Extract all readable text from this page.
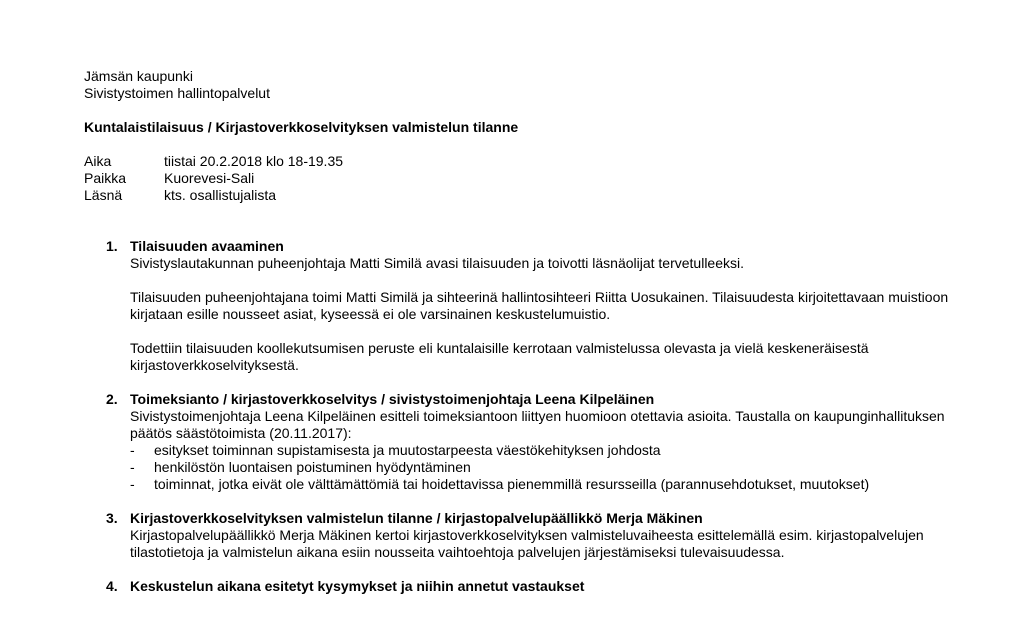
Jämsän kaupunki
Sivistystoimen hallintopalvelut
Kuntalaistilaisuus / Kirjastoverkkoselvityksen valmistelun tilanne
Aika	tiistai 20.2.2018 klo 18-19.35
Paikka	Kuorevesi-Sali
Läsnä	kts. osallistujalista
1. Tilaisuuden avaaminen

Sivistyslautakunnan puheenjohtaja Matti Similä avasi tilaisuuden ja toivotti läsnäolijat tervetulleeksi.

Tilaisuuden puheenjohtajana toimi Matti Similä ja sihteerinä hallintosihteeri Riitta Uosukainen. Tilaisuudesta kirjoitettavaan muistioon kirjataan esille nousseet asiat, kyseessä ei ole varsinainen keskustelumuistio.

Todettiin tilaisuuden koollekutsumisen peruste eli kuntalaisille kerrotaan valmistelussa olevasta ja vielä keskeneräisestä kirjastoverkkoselvityksestä.

2. Toimeksianto / kirjastoverkkoselvitys / sivistystoimenjohtaja Leena Kilpeläinen

Sivistystoimenjohtaja Leena Kilpeläinen esitteli toimeksiantoon liittyen huomioon otettavia asioita. Taustalla on kaupunginhallituksen päätös säästötoimista (20.11.2017):

-	esitykset toiminnan supistamisesta ja muutostarpeesta väestökehityksen johdosta
-	henkilöstön luontaisen poistuminen hyödyntäminen
-	toiminnat, jotka eivät ole välttämättömiä tai hoidettavissa pienemmillä resursseilla (parannusehdotukset, muutokset)
3. Kirjastoverkkoselvityksen valmistelun tilanne / kirjastopalvelupäällikkö Merja Mäkinen

Kirjastopalvelupäällikkö Merja Mäkinen kertoi kirjastoverkkoselvityksen valmisteluvaiheesta esittelemällä esim. kirjastopalvelujen tilastotietoja ja valmistelun aikana esiin nousseita vaihtoehtoja palvelujen järjestämiseksi tulevaisuudessa.

4. Keskustelun aikana esitetyt kysymykset ja niihin annetut vastaukset
